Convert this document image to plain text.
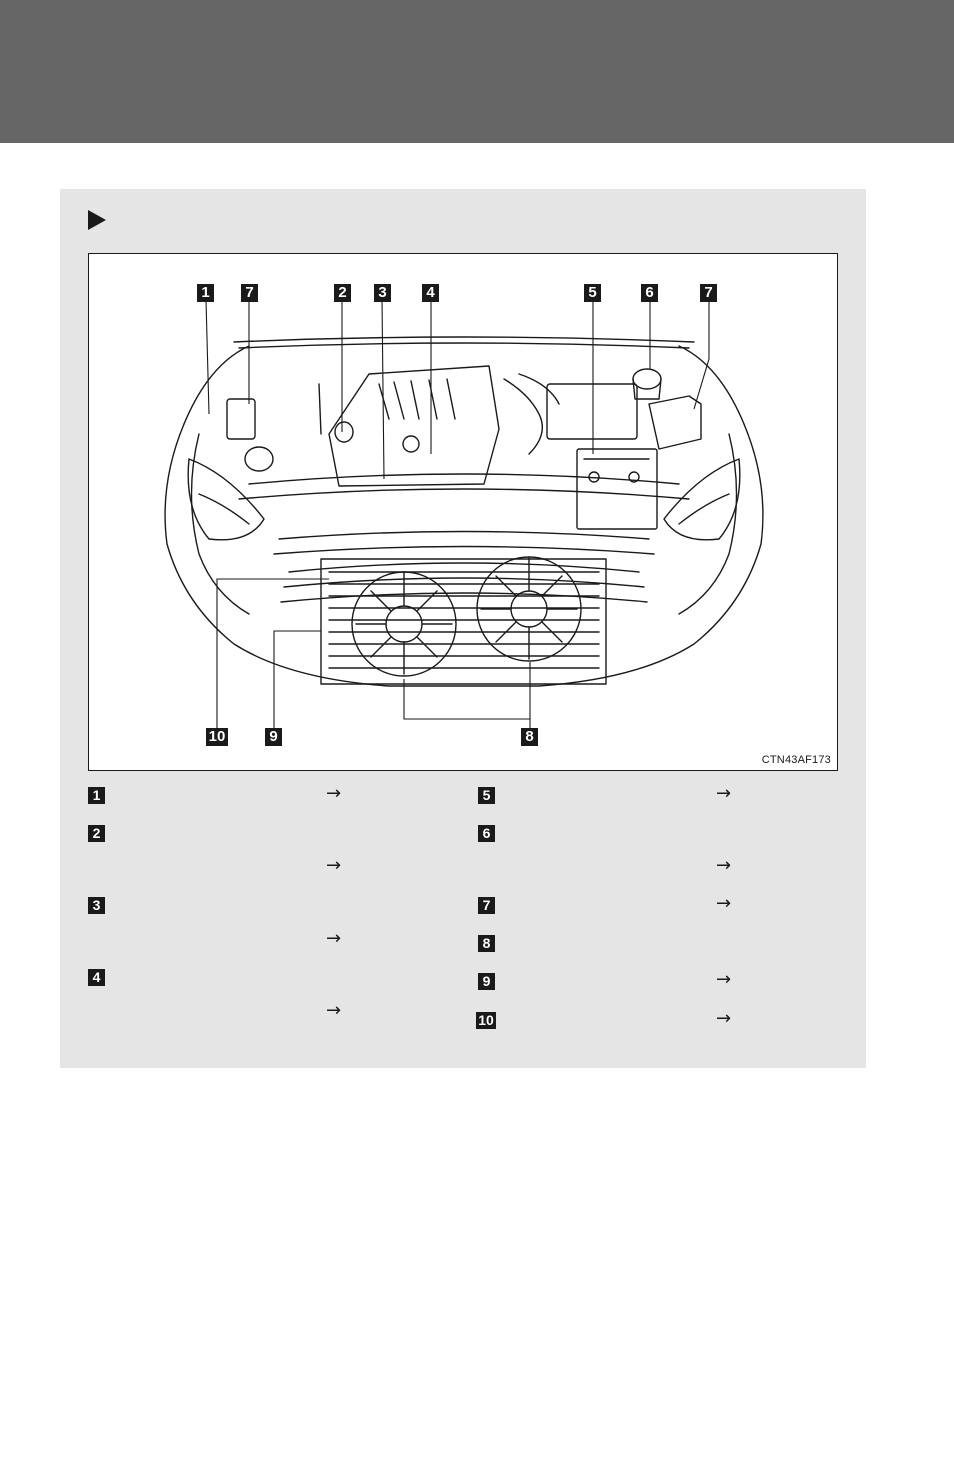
1 7	2 3	4	5	6	7
10	9	8
CTN43AF173
1	→
2
→
3
→
4
→
5	→
6
→
7	→
8
9	→
10	→
